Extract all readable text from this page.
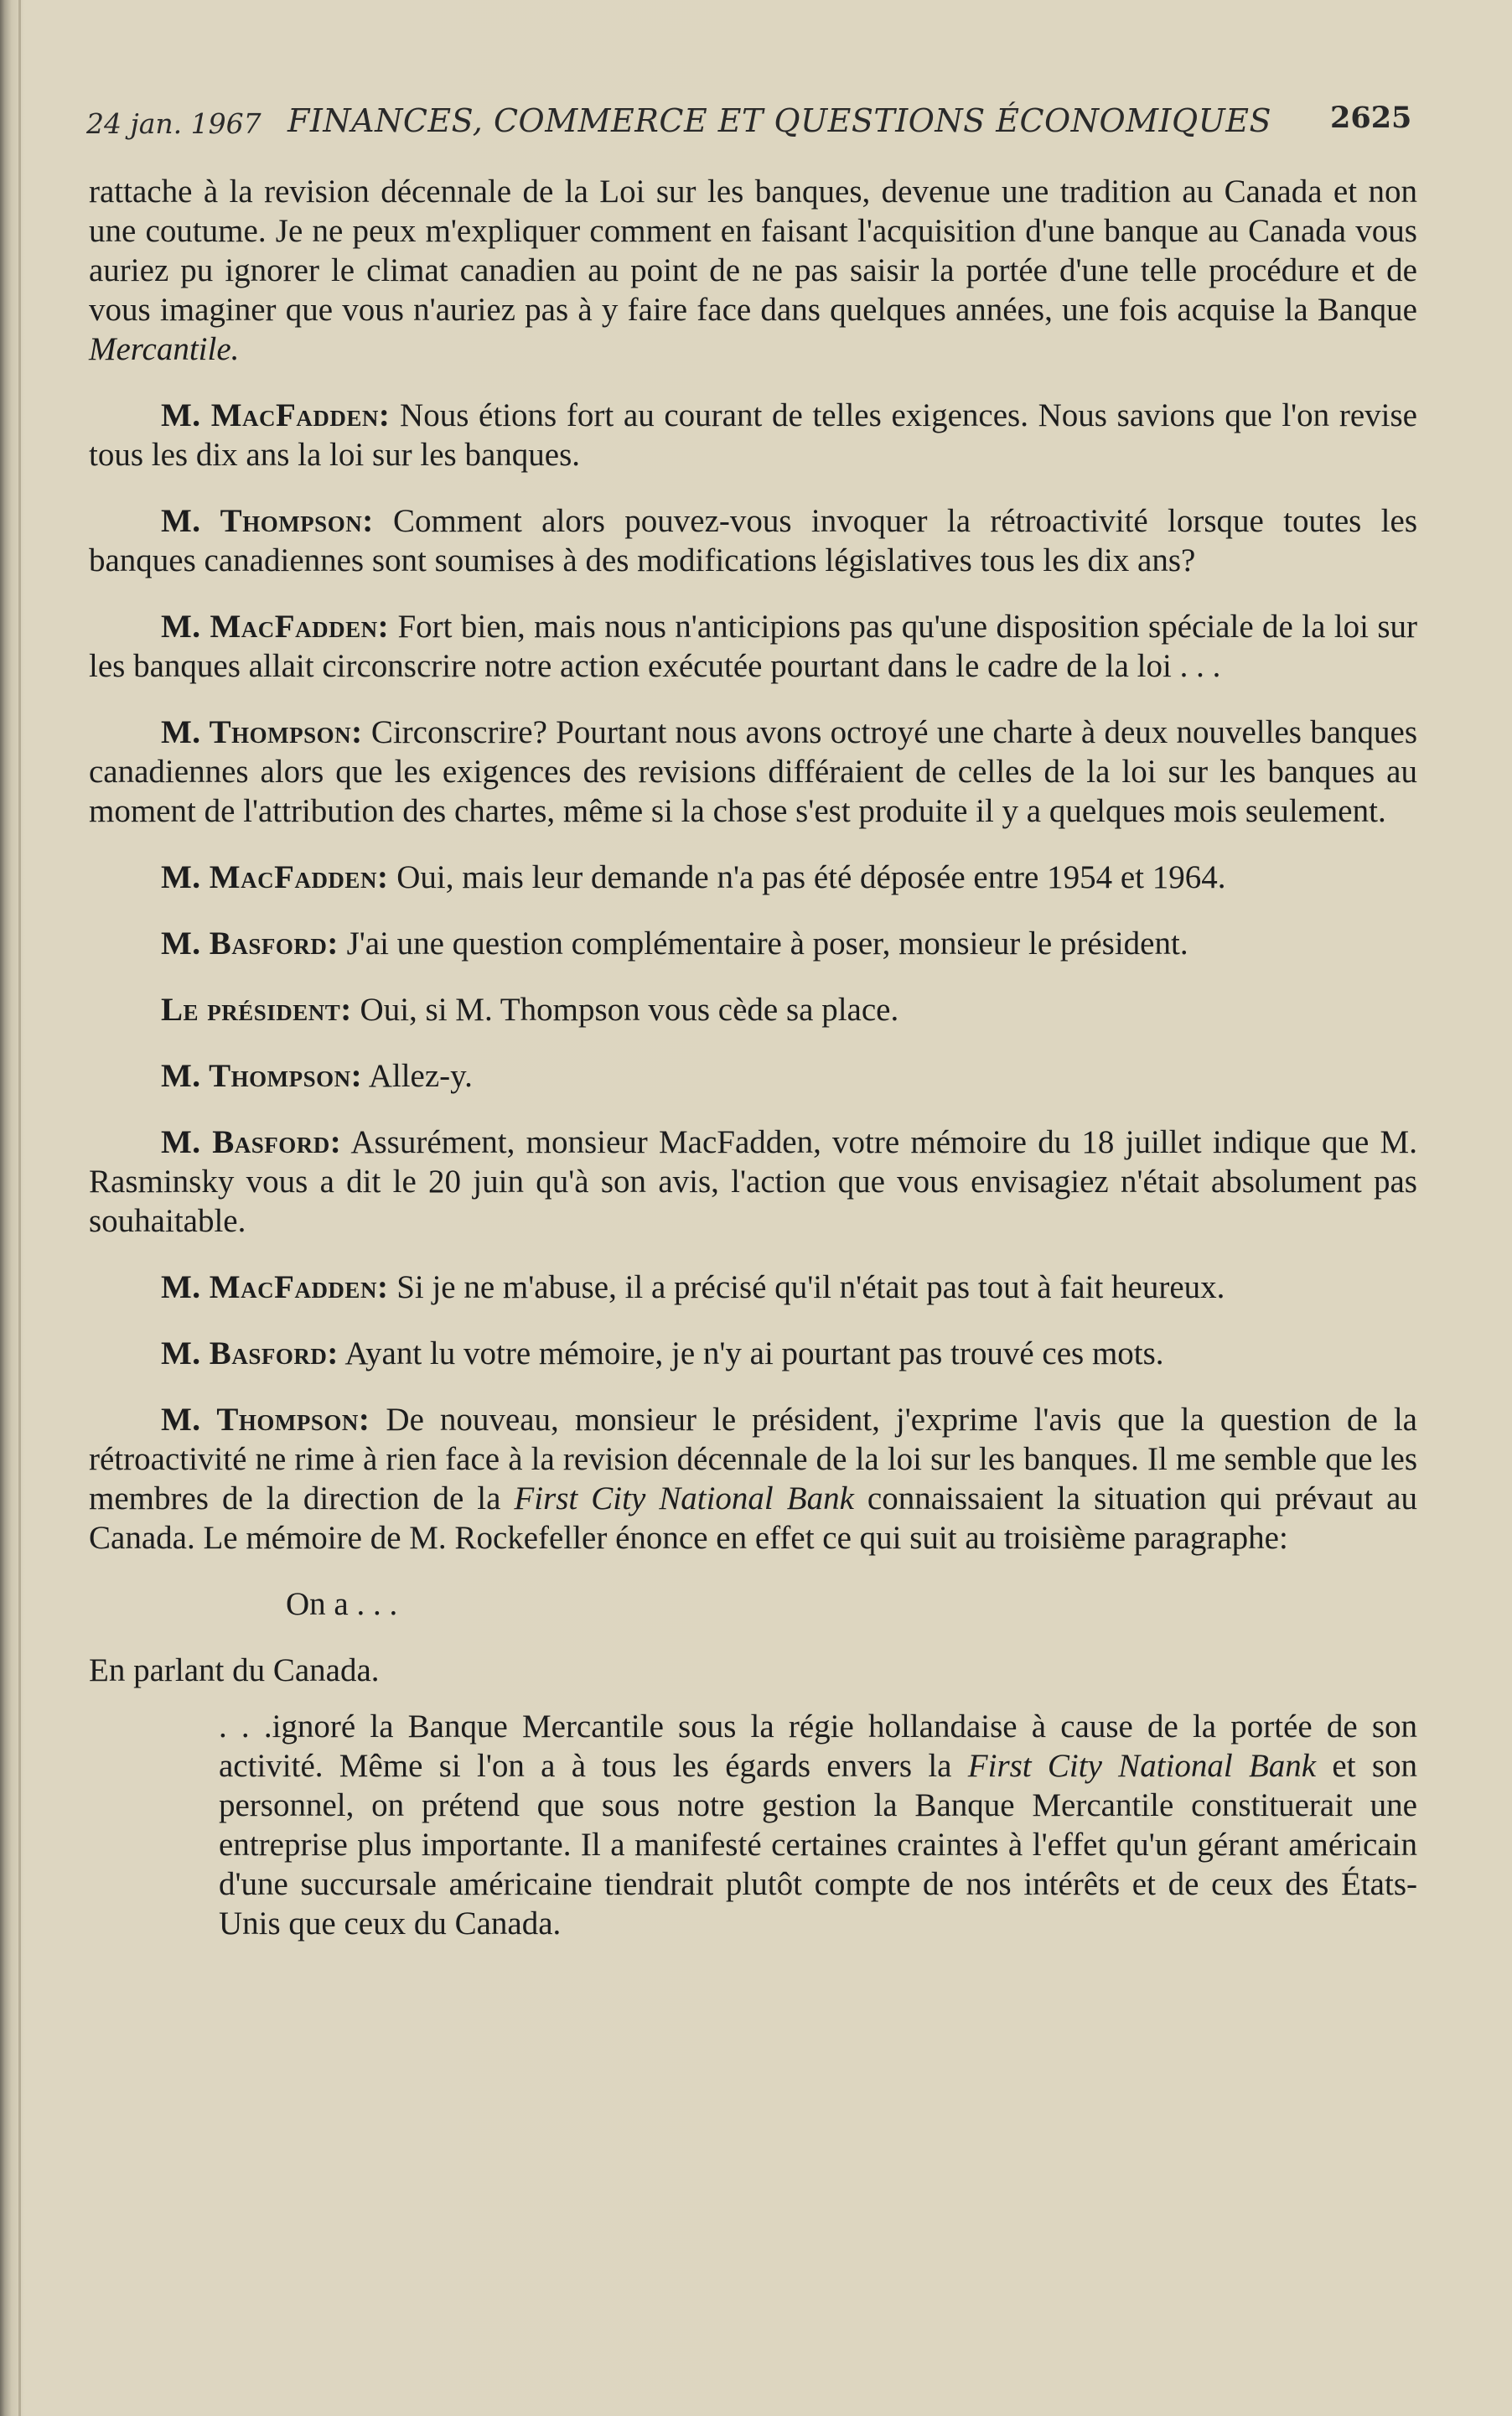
24 jan. 1967 FINANCES, COMMERCE ET QUESTIONS ÉCONOMIQUES 2625

rattache à la revision décennale de la Loi sur les banques, devenue une tradition au Canada et non une coutume. Je ne peux m'expliquer comment en faisant l'acquisition d'une banque au Canada vous auriez pu ignorer le climat canadien au point de ne pas saisir la portée d'une telle procédure et de vous imaginer que vous n'auriez pas à y faire face dans quelques années, une fois acquise la Banque Mercantile.

M. MacFadden: Nous étions fort au courant de telles exigences. Nous savions que l'on revise tous les dix ans la loi sur les banques.

M. Thompson: Comment alors pouvez-vous invoquer la rétroactivité lorsque toutes les banques canadiennes sont soumises à des modifications législatives tous les dix ans?

M. MacFadden: Fort bien, mais nous n'anticipions pas qu'une disposition spéciale de la loi sur les banques allait circonscrire notre action exécutée pourtant dans le cadre de la loi . . .

M. Thompson: Circonscrire? Pourtant nous avons octroyé une charte à deux nouvelles banques canadiennes alors que les exigences des revisions différaient de celles de la loi sur les banques au moment de l'attribution des chartes, même si la chose s'est produite il y a quelques mois seulement.

M. MacFadden: Oui, mais leur demande n'a pas été déposée entre 1954 et 1964.

M. Basford: J'ai une question complémentaire à poser, monsieur le président.

Le président: Oui, si M. Thompson vous cède sa place.

M. Thompson: Allez-y.

M. Basford: Assurément, monsieur MacFadden, votre mémoire du 18 juillet indique que M. Rasminsky vous a dit le 20 juin qu'à son avis, l'action que vous envisagiez n'était absolument pas souhaitable.

M. MacFadden: Si je ne m'abuse, il a précisé qu'il n'était pas tout à fait heureux.

M. Basford: Ayant lu votre mémoire, je n'y ai pourtant pas trouvé ces mots.

M. Thompson: De nouveau, monsieur le président, j'exprime l'avis que la question de la rétroactivité ne rime à rien face à la revision décennale de la loi sur les banques. Il me semble que les membres de la direction de la First City National Bank connaissaient la situation qui prévaut au Canada. Le mémoire de M. Rockefeller énonce en effet ce qui suit au troisième paragraphe:

On a . . .

En parlant du Canada.

. . .ignoré la Banque Mercantile sous la régie hollandaise à cause de la portée de son activité. Même si l'on a à tous les égards envers la First City National Bank et son personnel, on prétend que sous notre gestion la Banque Mercantile constituerait une entreprise plus importante. Il a manifesté certaines craintes à l'effet qu'un gérant américain d'une succursale américaine tiendrait plutôt compte de nos intérêts et de ceux des États-Unis que ceux du Canada.
